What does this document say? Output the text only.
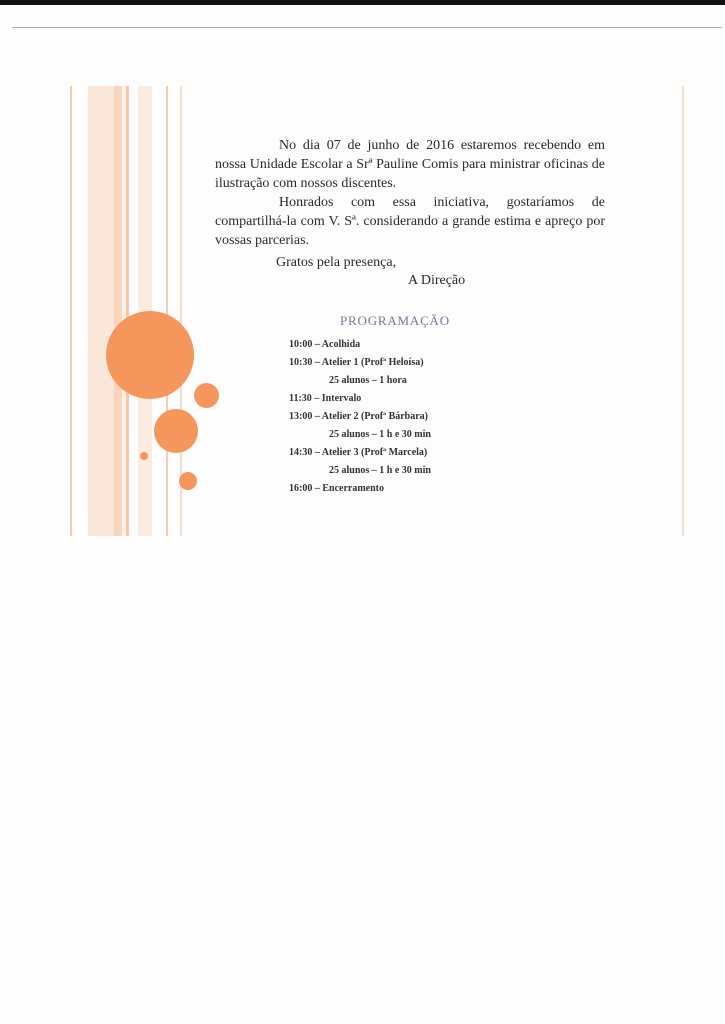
No dia 07 de junho de 2016 estaremos recebendo em nossa Unidade Escolar a Srª Pauline Comis para ministrar oficinas de ilustração com nossos discentes.

Honrados com essa iniciativa, gostaríamos de compartilhá-la com V. Sª. considerando a grande estima e apreço por vossas parcerias.

Gratos pela presença,
A Direção
PROGRAMAÇÃO
10:00 – Acolhida
10:30 – Atelier 1 (Profª Heloísa)
25 alunos – 1 hora
11:30 – Intervalo
13:00 – Atelier 2 (Profª Bárbara)
25 alunos – 1 h e 30 min
14:30 – Atelier 3 (Profª Marcela)
25 alunos – 1 h e 30 min
16:00 – Encerramento
